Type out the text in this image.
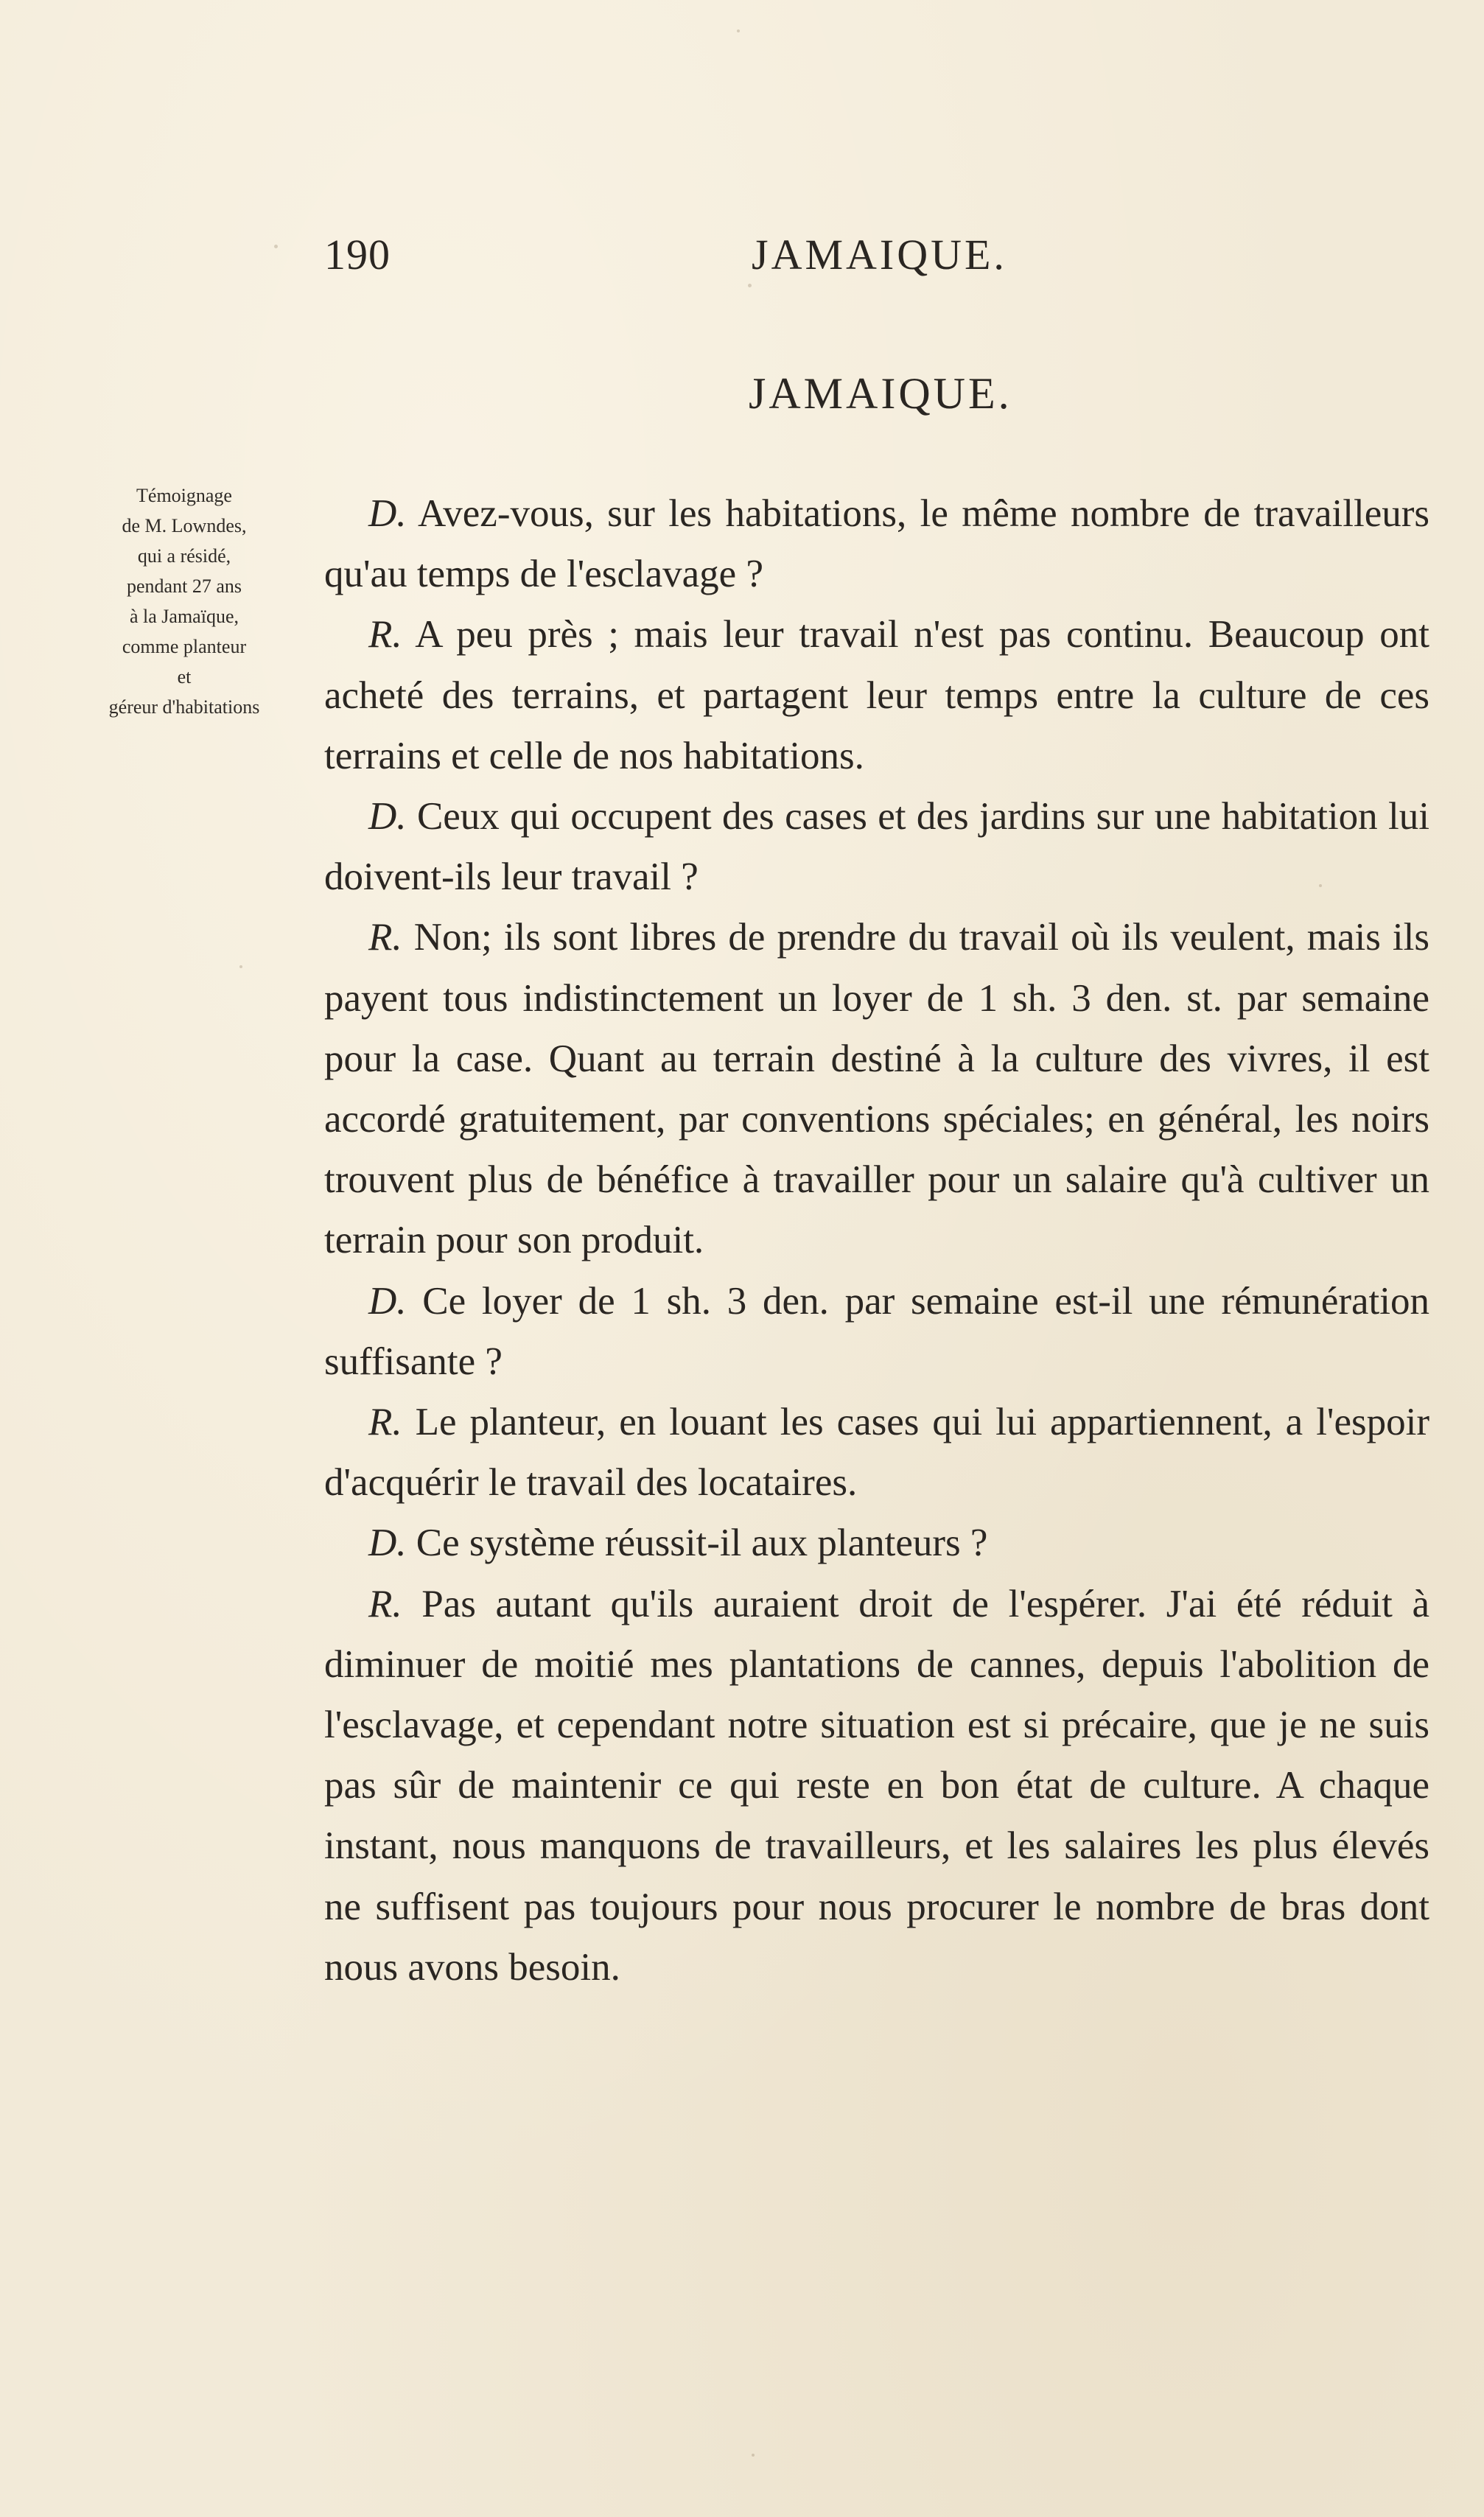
190	JAMAIQUE.
JAMAIQUE.
Témoignage
de M. Lowndes,
qui a résidé,
pendant 27 ans
à la Jamaïque,
comme planteur
et
géreur d'habitations

D. Avez-vous, sur les habitations, le même nombre de travailleurs qu'au temps de l'esclavage ?

R. A peu près ; mais leur travail n'est pas continu. Beaucoup ont acheté des terrains, et partagent leur temps entre la culture de ces terrains et celle de nos habitations.

D. Ceux qui occupent des cases et des jardins sur une habitation lui doivent-ils leur travail ?

R. Non; ils sont libres de prendre du travail où ils veulent, mais ils payent tous indistinctement un loyer de 1 sh. 3 den. st. par semaine pour la case. Quant au terrain destiné à la culture des vivres, il est accordé gratuitement, par conventions spéciales; en général, les noirs trouvent plus de bénéfice à travailler pour un salaire qu'à cultiver un terrain pour son produit.

D. Ce loyer de 1 sh. 3 den. par semaine est-il une rémunération suffisante ?

R. Le planteur, en louant les cases qui lui appartiennent, a l'espoir d'acquérir le travail des locataires.

D. Ce système réussit-il aux planteurs ?

R. Pas autant qu'ils auraient droit de l'espérer. J'ai été réduit à diminuer de moitié mes plantations de cannes, depuis l'abolition de l'esclavage, et cependant notre situation est si précaire, que je ne suis pas sûr de maintenir ce qui reste en bon état de culture. A chaque instant, nous manquons de travailleurs, et les salaires les plus élevés ne suffisent pas toujours pour nous procurer le nombre de bras dont nous avons besoin.
